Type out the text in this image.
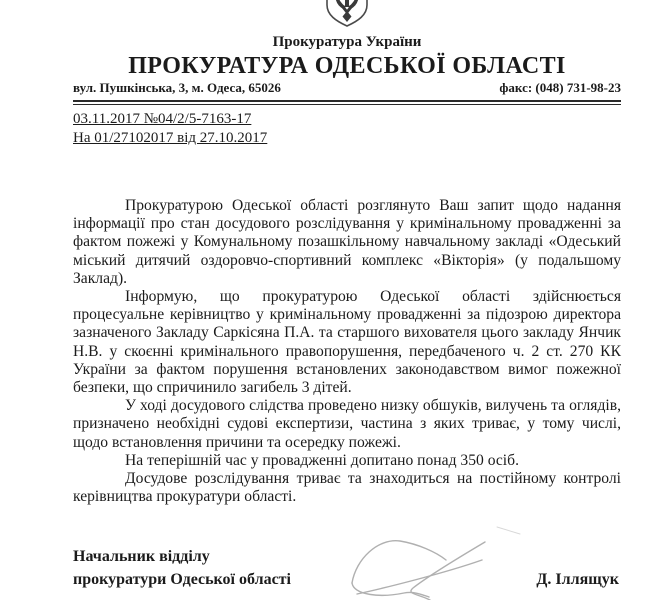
Прокуратура України
ПРОКУРАТУРА ОДЕСЬКОЇ ОБЛАСТІ
вул. Пушкінська, 3, м. Одеса, 65026	факс: (048) 731-98-23
03.11.2017 №04/2/5-7163-17
На 01/27102017 від 27.10.2017

Прокуратурою Одеської області розглянуто Ваш запит щодо надання інформації про стан досудового розслідування у кримінальному провадженні за фактом пожежі у Комунальному позашкільному навчальному закладі «Одеський міський дитячий оздоровчо-спортивний комплекс «Вікторія» (у подальшому Заклад).

Інформую, що прокуратурою Одеської області здійснюється процесуальне керівництво у кримінальному провадженні за підозрою директора зазначеного Закладу Саркісяна П.А. та старшого вихователя цього закладу Янчик Н.В. у скоєнні кримінального правопорушення, передбаченого ч. 2 ст. 270 КК України за фактом порушення встановлених законодавством вимог пожежної безпеки, що спричинило загибель 3 дітей.

У ході досудового слідства проведено низку обшуків, вилучень та оглядів, призначено необхідні судові експертизи, частина з яких триває, у тому числі, щодо встановлення причини та осередку пожежі.

На теперішній час у провадженні допитано понад 350 осіб.

Досудове розслідування триває та знаходиться на постійному контролі керівництва прокуратури області.

Начальник відділу
прокуратури Одеської області	Д. Іллящук
